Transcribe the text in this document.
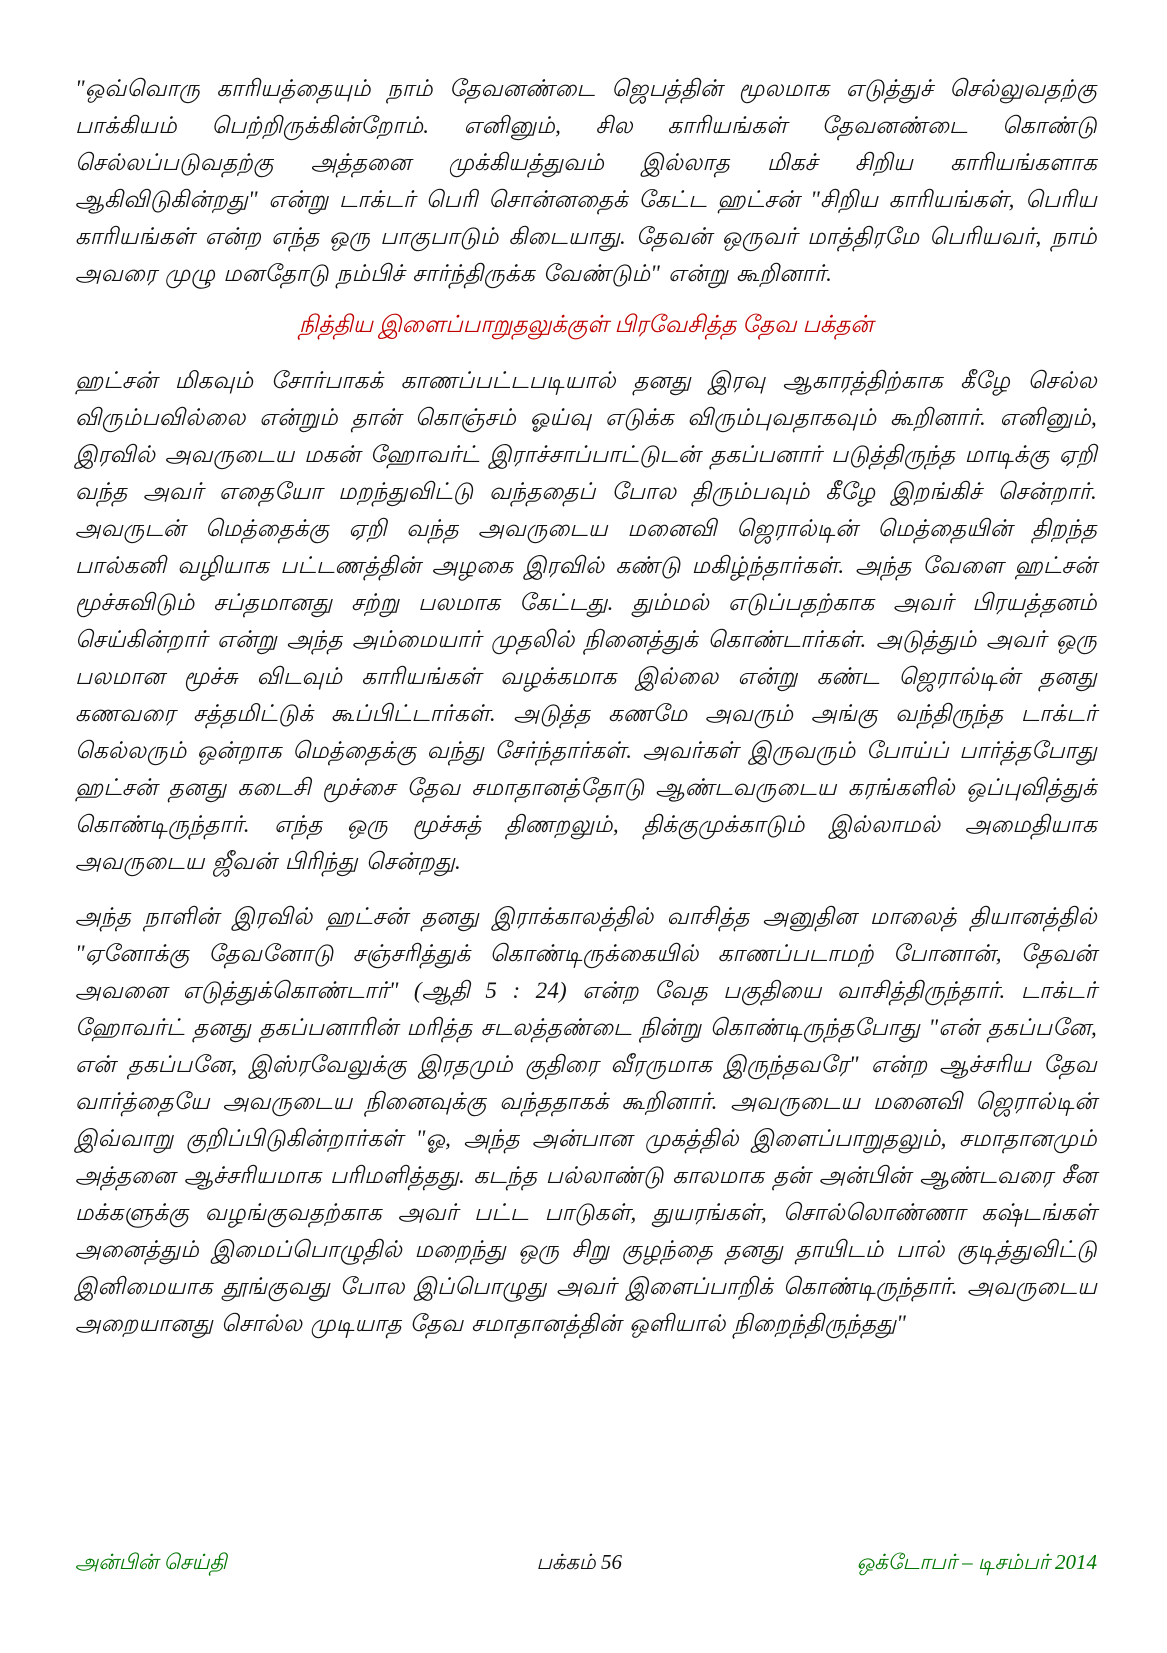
"ஒவ்வொரு காரியத்தையும் நாம் தேவனண்டை ஜெபத்தின் மூலமாக எடுத்துச் செல்லுவதற்கு பாக்கியம் பெற்றிருக்கின்றோம். எனினும், சில காரியங்கள் தேவனண்டை கொண்டு செல்லப்படுவதற்கு அத்தனை முக்கியத்துவம் இல்லாத மிகச் சிறிய காரியங்களாக ஆகிவிடுகின்றது" என்று டாக்டர் பெரி சொன்னதைக் கேட்ட ஹட்சன் "சிறிய காரியங்கள், பெரிய காரியங்கள் என்ற எந்த ஒரு பாகுபாடும் கிடையாது. தேவன் ஒருவர் மாத்திரமே பெரியவர், நாம் அவரை முழு மனதோடு நம்பிச் சார்ந்திருக்க வேண்டும்" என்று கூறினார்.

நித்திய இளைப்பாறுதலுக்குள் பிரவேசித்த தேவ பக்தன்

ஹட்சன் மிகவும் சோர்பாகக் காணப்பட்டபடியால் தனது இரவு ஆகாரத்திற்காக கீழே செல்ல விரும்பவில்லை என்றும் தான் கொஞ்சம் ஓய்வு எடுக்க விரும்புவதாகவும் கூறினார். எனினும், இரவில் அவருடைய மகன் ஹோவர்ட் இராச்சாப்பாட்டுடன் தகப்பனார் படுத்திருந்த மாடிக்கு ஏறி வந்த அவர் எதையோ மறந்துவிட்டு வந்ததைப் போல திரும்பவும் கீழே இறங்கிச் சென்றார். அவருடன் மெத்தைக்கு ஏறி வந்த அவருடைய மனைவி ஜெரால்டின் மெத்தையின் திறந்த பால்கனி வழியாக பட்டணத்தின் அழகை இரவில் கண்டு மகிழ்ந்தார்கள். அந்த வேளை ஹட்சன் மூச்சுவிடும் சப்தமானது சற்று பலமாக கேட்டது. தும்மல் எடுப்பதற்காக அவர் பிரயத்தனம் செய்கின்றார் என்று அந்த அம்மையார் முதலில் நினைத்துக் கொண்டார்கள். அடுத்தும் அவர் ஒரு பலமான மூச்சு விடவும் காரியங்கள் வழக்கமாக இல்லை என்று கண்ட ஜெரால்டின் தனது கணவரை சத்தமிட்டுக் கூப்பிட்டார்கள். அடுத்த கணமே அவரும் அங்கு வந்திருந்த டாக்டர் கெல்லரும் ஒன்றாக மெத்தைக்கு வந்து சேர்ந்தார்கள். அவர்கள் இருவரும் போய்ப் பார்த்தபோது ஹட்சன் தனது கடைசி மூச்சை தேவ சமாதானத்தோடு ஆண்டவருடைய கரங்களில் ஒப்புவித்துக் கொண்டிருந்தார். எந்த ஒரு மூச்சுத் திணறலும், திக்குமுக்காடும் இல்லாமல் அமைதியாக அவருடைய ஜீவன் பிரிந்து சென்றது.

அந்த நாளின் இரவில் ஹட்சன் தனது இராக்காலத்தில் வாசித்த அனுதின மாலைத் தியானத்தில் "ஏனோக்கு தேவனோடு சஞ்சரித்துக் கொண்டிருக்கையில் காணப்படாமற் போனான், தேவன் அவனை எடுத்துக்கொண்டார்" (ஆதி 5 : 24) என்ற வேத பகுதியை வாசித்திருந்தார். டாக்டர் ஹோவர்ட் தனது தகப்பனாரின் மரித்த சடலத்தண்டை நின்று கொண்டிருந்தபோது "என் தகப்பனே, என் தகப்பனே, இஸ்ரவேலுக்கு இரதமும் குதிரை வீரருமாக இருந்தவரே" என்ற ஆச்சரிய தேவ வார்த்தையே அவருடைய நினைவுக்கு வந்ததாகக் கூறினார். அவருடைய மனைவி ஜெரால்டின் இவ்வாறு குறிப்பிடுகின்றார்கள் "ஓ, அந்த அன்பான முகத்தில் இளைப்பாறுதலும், சமாதானமும் அத்தனை ஆச்சரியமாக பரிமளித்தது. கடந்த பல்லாண்டு காலமாக தன் அன்பின் ஆண்டவரை சீன மக்களுக்கு வழங்குவதற்காக அவர் பட்ட பாடுகள், துயரங்கள், சொல்லொண்ணா கஷ்டங்கள் அனைத்தும் இமைப்பொழுதில் மறைந்து ஒரு சிறு குழந்தை தனது தாயிடம் பால் குடித்துவிட்டு இனிமையாக தூங்குவது போல இப்பொழுது அவர் இளைப்பாறிக் கொண்டிருந்தார். அவருடைய அறையானது சொல்ல முடியாத தேவ சமாதானத்தின் ஒளியால் நிறைந்திருந்தது"

அன்பின் செய்தி	பக்கம் 56	ஒக்டோபர் – டிசம்பர் 2014
